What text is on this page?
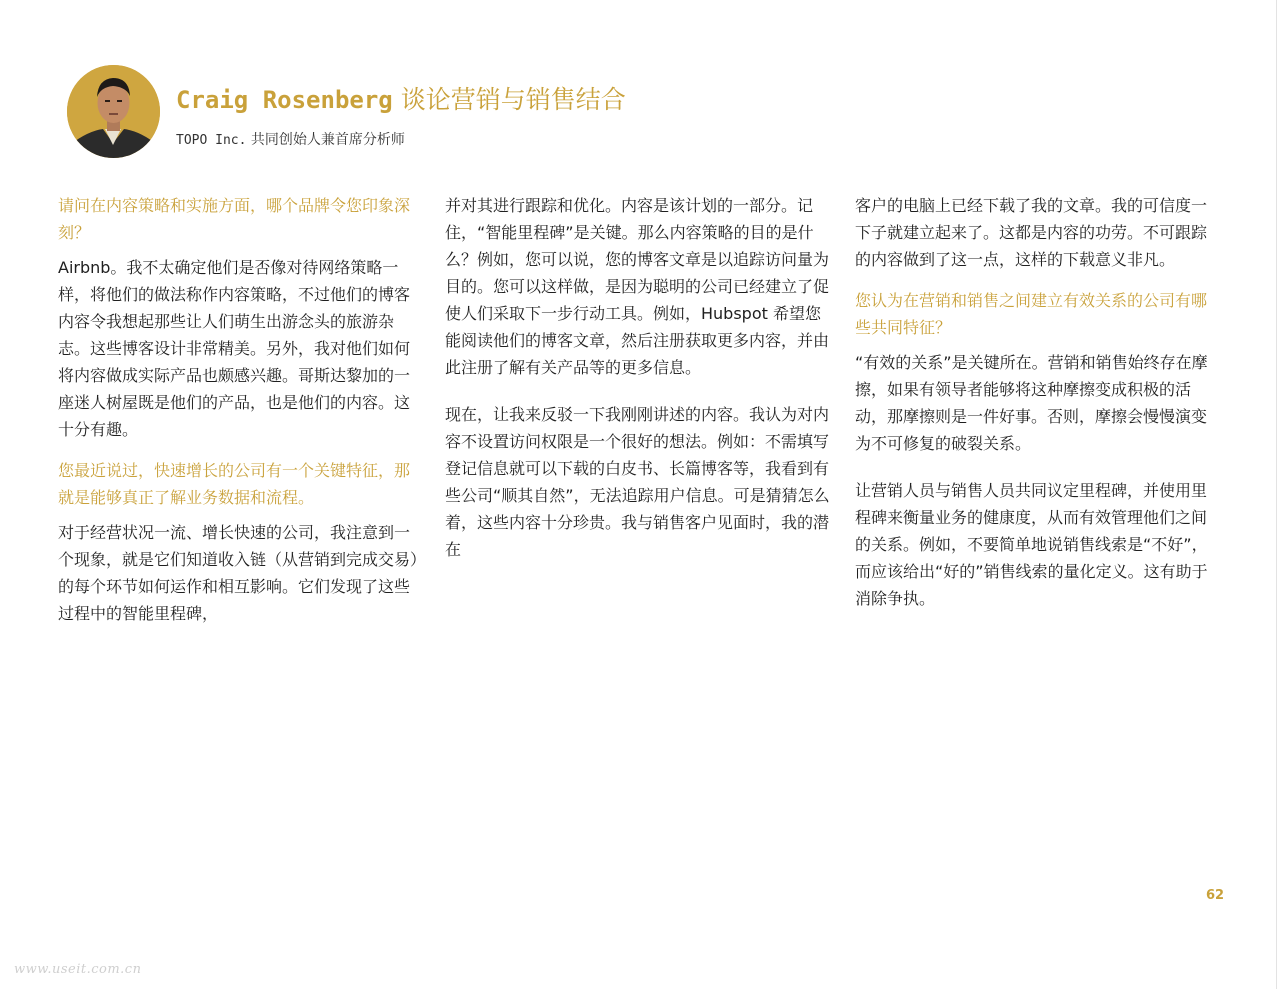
Craig Rosenberg 谈论营销与销售结合
TOPO Inc. 共同创始人兼首席分析师

请问在内容策略和实施方面，哪个品牌令您印象深刻？

Airbnb。我不太确定他们是否像对待网络策略一样，将他们的做法称作内容策略，不过他们的博客内容令我想起那些让人们萌生出游念头的旅游杂志。这些博客设计非常精美。另外，我对他们如何将内容做成实际产品也颇感兴趣。哥斯达黎加的一座迷人树屋既是他们的产品，也是他们的内容。这十分有趣。

您最近说过，快速增长的公司有一个关键特征，那就是能够真正了解业务数据和流程。

对于经营状况一流、增长快速的公司，我注意到一个现象，就是它们知道收入链（从营销到完成交易）的每个环节如何运作和相互影响。它们发现了这些过程中的智能里程碑，

并对其进行跟踪和优化。内容是该计划的一部分。记住，“智能里程碑”是关键。那么内容策略的目的是什么？例如，您可以说，您的博客文章是以追踪访问量为目的。您可以这样做，是因为聪明的公司已经建立了促使人们采取下一步行动工具。例如，Hubspot 希望您能阅读他们的博客文章，然后注册获取更多内容，并由此注册了解有关产品等的更多信息。

现在，让我来反驳一下我刚刚讲述的内容。我认为对内容不设置访问权限是一个很好的想法。例如：不需填写登记信息就可以下载的白皮书、长篇博客等，我看到有些公司“顺其自然”，无法追踪用户信息。可是猜猜怎么着，这些内容十分珍贵。我与销售客户见面时，我的潜在

客户的电脑上已经下载了我的文章。我的可信度一下子就建立起来了。这都是内容的功劳。不可跟踪的内容做到了这一点，这样的下载意义非凡。

您认为在营销和销售之间建立有效关系的公司有哪些共同特征？

“有效的关系”是关键所在。营销和销售始终存在摩擦，如果有领导者能够将这种摩擦变成积极的活动，那摩擦则是一件好事。否则，摩擦会慢慢演变为不可修复的破裂关系。

让营销人员与销售人员共同议定里程碑，并使用里程碑来衡量业务的健康度，从而有效管理他们之间的关系。例如，不要简单地说销售线索是“不好”，而应该给出“好的”销售线索的量化定义。这有助于消除争执。

62
www.useit.com.cn
